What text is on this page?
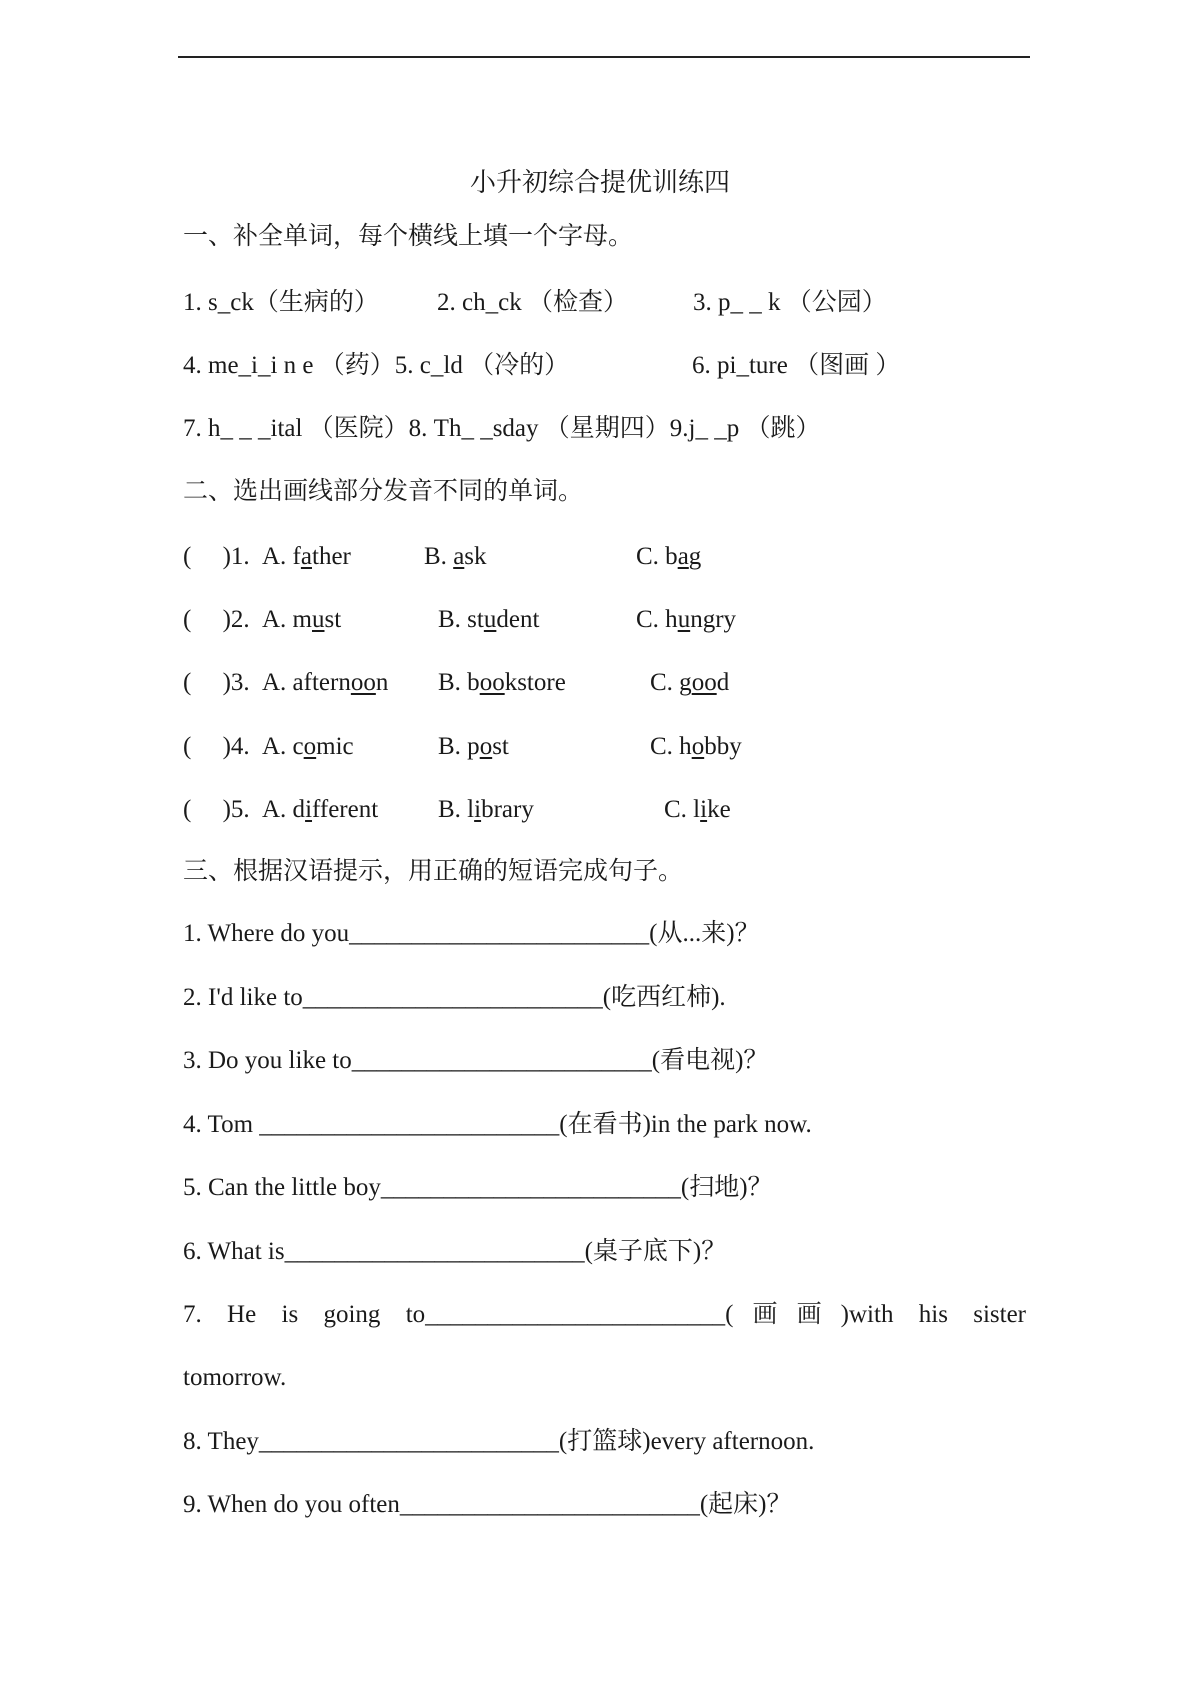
小升初综合提优训练四
一、补全单词，每个横线上填一个字母。
1. s_ck（生病的） 2. ch_ck （检查）	3. p_ _ k （公园）
4. me_i_i n e （药）5. c_ld （冷的）	6. pi_ture （图画 ）
7. h_ _ _ital （医院）8. Th_ _sday （星期四）9.j_ _p （跳）
二、选出画线部分发音不同的单词。
(     )1. A. father	B. ask	C. bag
(     )2. A. must	B. student	C. hungry
(     )3. A. afternoon B. bookstore	C. good
(     )4. A. comic	B. post	C. hobby
(     )5. A. different B. library	C. like
三、根据汉语提示，用正确的短语完成句子。
1. Where do you________________________(从...来)？
2. I'd like to________________________(吃西红柿).
3. Do you like to________________________(看电视)？
4. Tom ________________________(在看书)in the park now.
5. Can the little boy________________________(扫地)？
6. What is________________________(桌子底下)？
7. He is going to________________________(画画)with his sister
tomorrow.
8. They________________________(打篮球)every afternoon.
9. When do you often________________________(起床)？
